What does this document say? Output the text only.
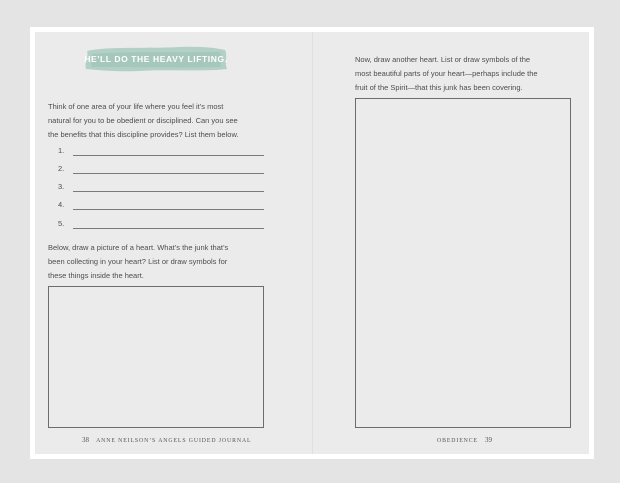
HE'LL DO THE HEAVY LIFTING.
Think of one area of your life where you feel it’s most
natural for you to be obedient or disciplined. Can you see
the benefits that this discipline provides? List them below.
1.
2.
3.
4.
5.
Below, draw a picture of a heart. What’s the junk that’s
been collecting in your heart? List or draw symbols for
these things inside the heart.
38 ANNE NEILSON’S ANGELS GUIDED JOURNAL
Now, draw another heart. List or draw symbols of the
most beautiful parts of your heart—perhaps include the
fruit of the Spirit—that this junk has been covering.
OBEDIENCE 39
